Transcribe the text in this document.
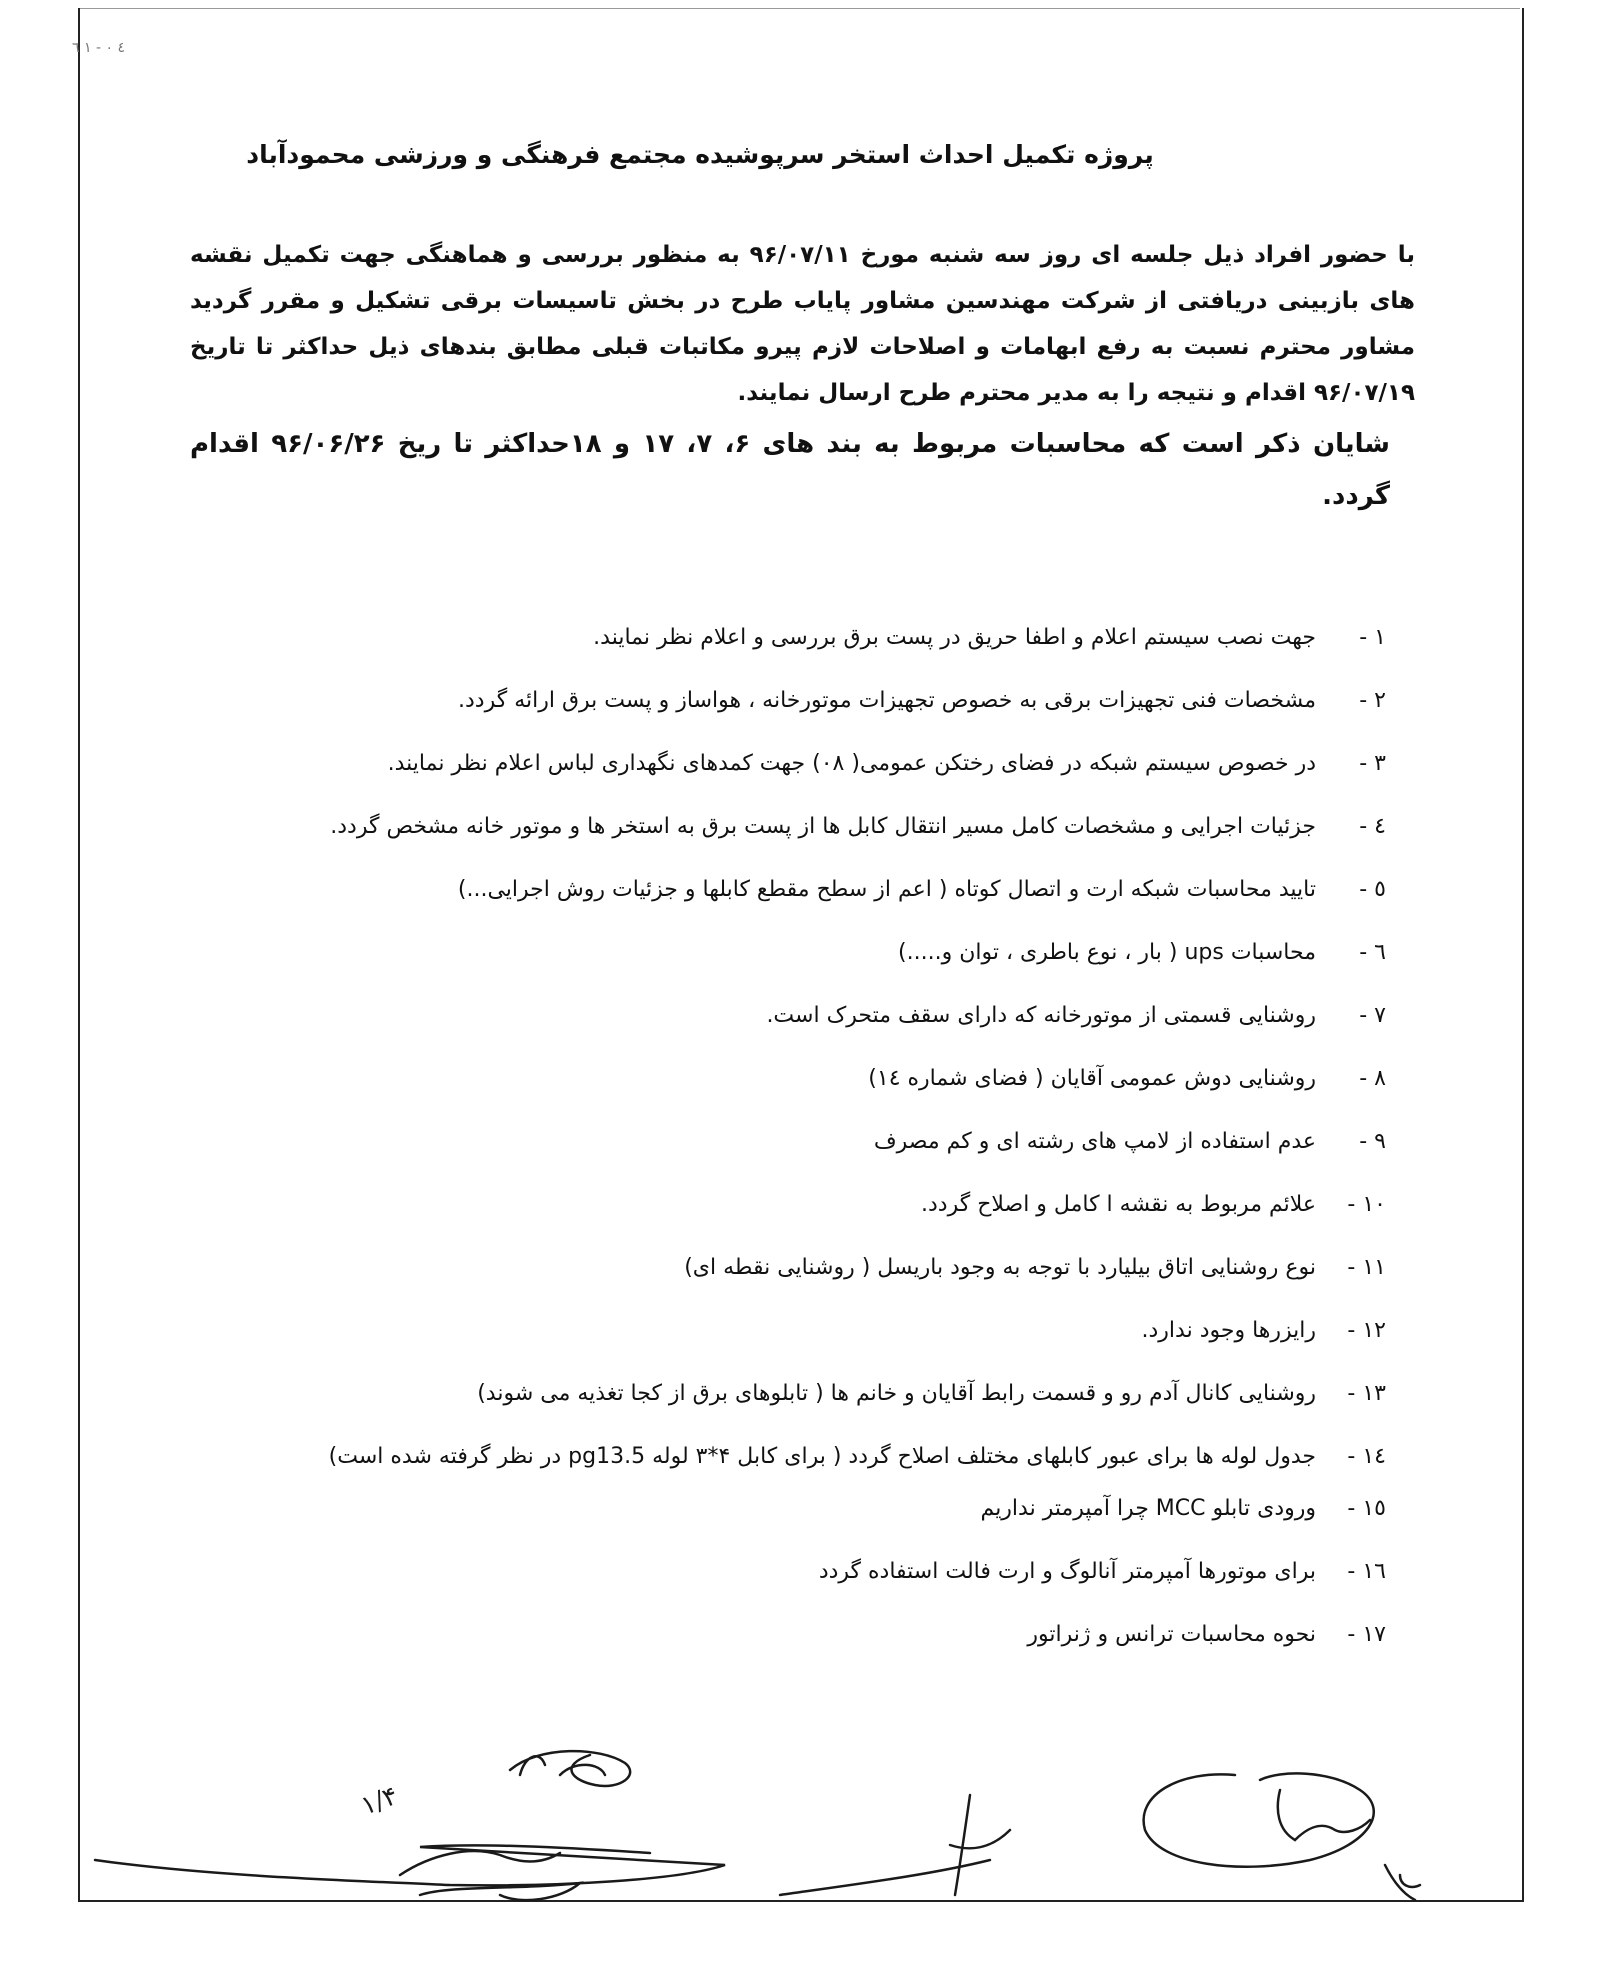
٤ ٠ - ١ ٦
پروژه تکمیل احداث استخر سرپوشیده مجتمع فرهنگی و ورزشی محمودآباد

با حضور افراد ذیل جلسه ای روز سه شنبه مورخ ۹۶/۰۷/۱۱ به منظور بررسی و هماهنگی جهت تکمیل نقشه های بازبینی دریافتی از شرکت مهندسین مشاور پایاب طرح در بخش تاسیسات برقی تشکیل و مقرر گردید مشاور محترم نسبت به رفع ابهامات و اصلاحات لازم پیرو مکاتبات قبلی مطابق بندهای ذیل حداکثر تا تاریخ ۹۶/۰۷/۱۹ اقدام و نتیجه را به مدیر محترم طرح ارسال نمایند.

شایان ذکر است که محاسبات مربوط به بند های ۶، ۷، ۱۷ و ۱۸حداکثر تا ریخ ۹۶/۰۶/۲۶ اقدام گردد.

۱ -
جهت نصب سیستم اعلام و اطفا حریق در پست برق بررسی و اعلام نظر نمایند.
۲ -
مشخصات فنی تجهیزات برقی به خصوص تجهیزات موتورخانه ، هواساز و پست برق ارائه گردد.
۳ -
در خصوص سیستم شبکه در فضای رختکن عمومی( ۰۸) جهت کمدهای نگهداری لباس اعلام نظر نمایند.
٤ -
جزئیات اجرایی و مشخصات کامل مسیر انتقال کابل ها از پست برق به استخر ها و موتور خانه مشخص گردد.
٥ -
تایید محاسبات شبکه ارت و اتصال کوتاه ( اعم از سطح مقطع کابلها و جزئیات روش اجرایی...)
٦ -
محاسبات ups ( بار ، نوع باطری ، توان و.....)
٧ -
روشنایی قسمتی از موتورخانه که دارای سقف متحرک است.
٨ -
روشنایی دوش عمومی آقایان ( فضای شماره ١٤)
٩ -
عدم استفاده از لامپ های رشته ای و کم مصرف
١٠ -
علائم مربوط به نقشه ا کامل و اصلاح گردد.
١١ -
نوع روشنایی اتاق بیلیارد با توجه به وجود باریسل ( روشنایی نقطه ای)
١٢ -
رایزرها وجود ندارد.
١٣ -
روشنایی کانال آدم رو و قسمت رابط آقایان و خانم ها ( تابلوهای برق از کجا تغذیه می شوند)
١٤ -
جدول لوله ها برای عبور کابلهای مختلف اصلاح گردد ( برای کابل ۴*۳ لوله pg13.5 در نظر گرفته شده است)
١٥ -
ورودی تابلو MCC چرا آمپرمتر نداریم
١٦ -
برای موتورها آمپرمتر آنالوگ و ارت فالت استفاده گردد
١٧ -
نحوه محاسبات ترانس و ژنراتور
۱/۴
